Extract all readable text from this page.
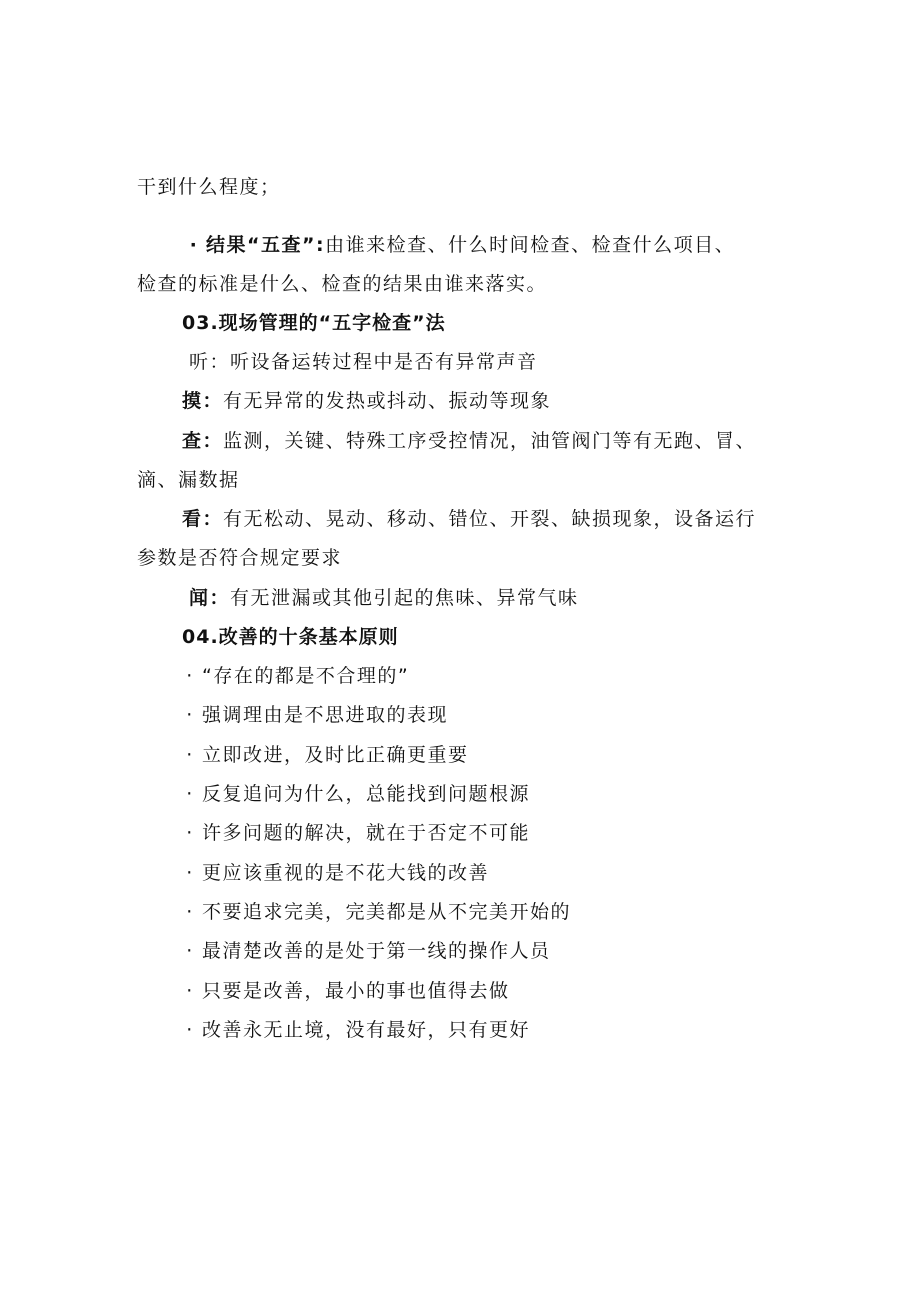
干到什么程度；
· 结果“五查”:由谁来检查、什么时间检查、检查什么项目、
检查的标准是什么、检查的结果由谁来落实。
03.现场管理的“五字检查”法
听：听设备运转过程中是否有异常声音
摸：有无异常的发热或抖动、振动等现象
查：监测，关键、特殊工序受控情况，油管阀门等有无跑、冒、
滴、漏数据
看：有无松动、晃动、移动、错位、开裂、缺损现象，设备运行
参数是否符合规定要求
闻：有无泄漏或其他引起的焦味、异常气味
04.改善的十条基本原则
· “存在的都是不合理的”
· 强调理由是不思进取的表现
· 立即改进，及时比正确更重要
· 反复追问为什么，总能找到问题根源
· 许多问题的解决，就在于否定不可能
· 更应该重视的是不花大钱的改善
· 不要追求完美，完美都是从不完美开始的
· 最清楚改善的是处于第一线的操作人员
· 只要是改善，最小的事也值得去做
· 改善永无止境，没有最好，只有更好
